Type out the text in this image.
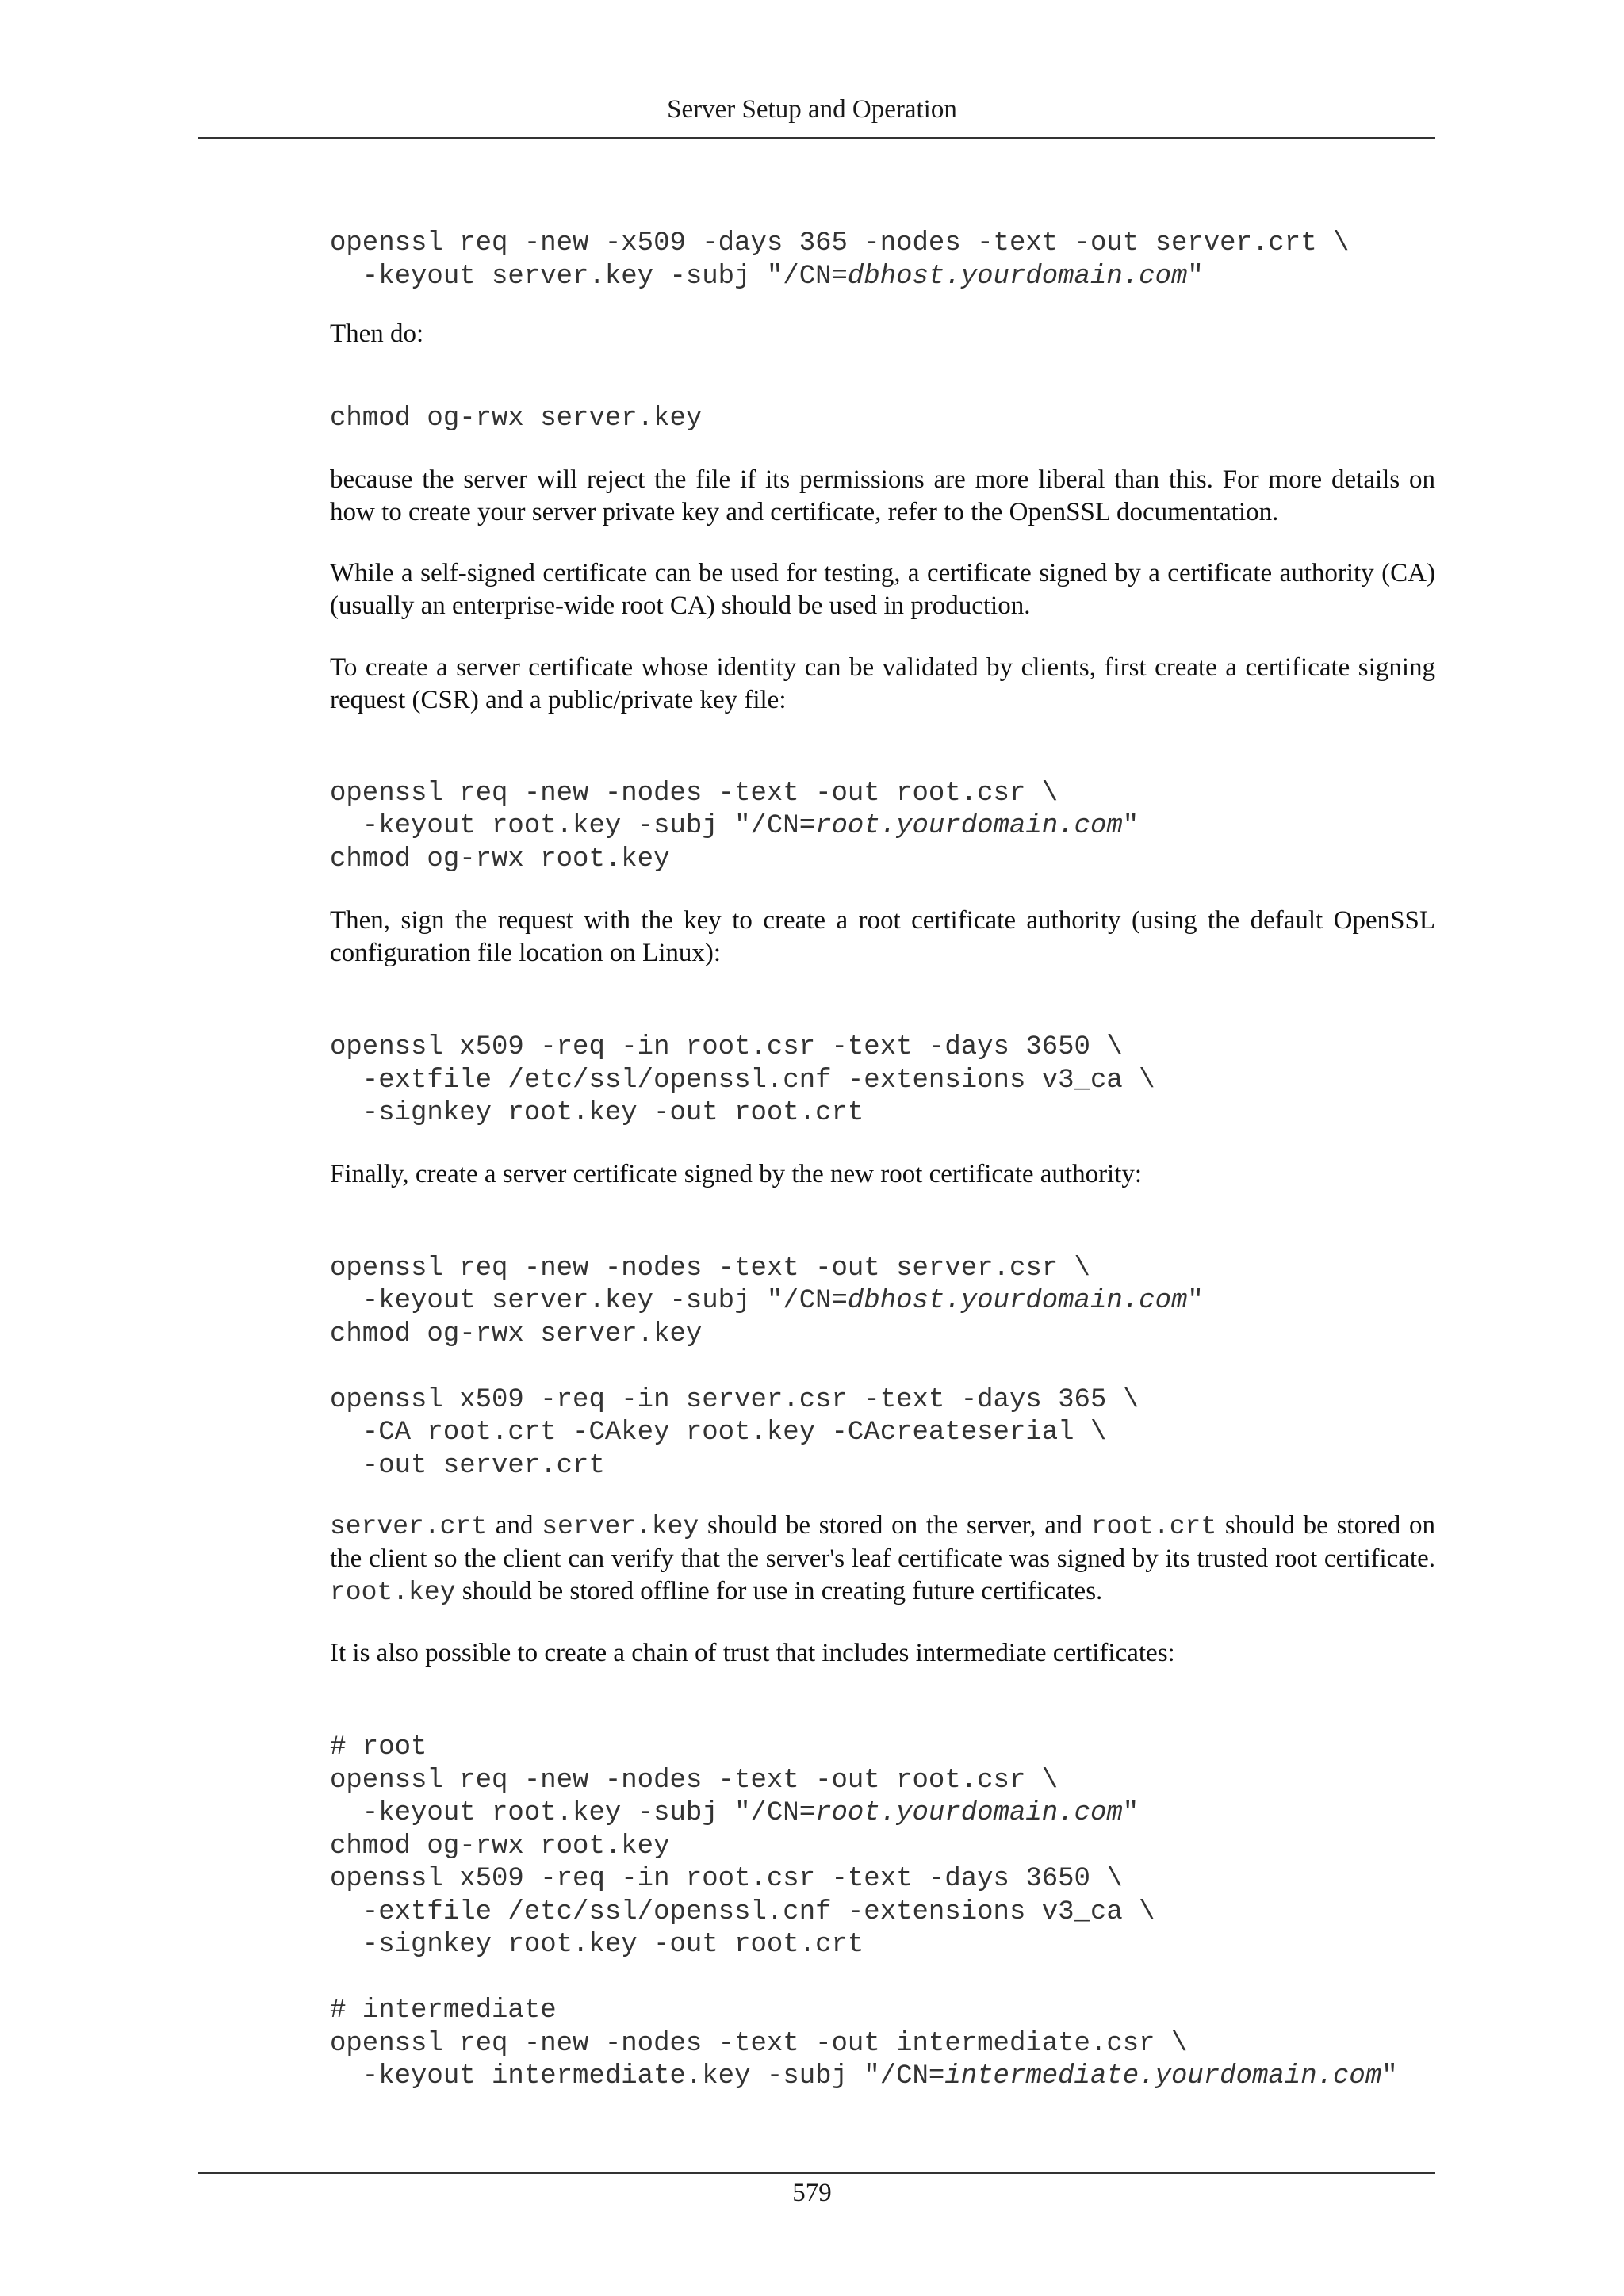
Server Setup and Operation
openssl req -new -x509 -days 365 -nodes -text -out server.crt \
-keyout server.key -subj "/CN=dbhost.yourdomain.com"

Then do:

chmod og-rwx server.key

because the server will reject the file if its permissions are more liberal than this. For more details on how to create your server private key and certificate, refer to the OpenSSL documentation.

While a self-signed certificate can be used for testing, a certificate signed by a certificate authority (CA) (usually an enterprise-wide root CA) should be used in production.

To create a server certificate whose identity can be validated by clients, first create a certificate signing request (CSR) and a public/private key file:

openssl req -new -nodes -text -out root.csr \
-keyout root.key -subj "/CN=root.yourdomain.com"
chmod og-rwx root.key

Then, sign the request with the key to create a root certificate authority (using the default OpenSSL configuration file location on Linux):

openssl x509 -req -in root.csr -text -days 3650 \
-extfile /etc/ssl/openssl.cnf -extensions v3_ca \
-signkey root.key -out root.crt

Finally, create a server certificate signed by the new root certificate authority:

openssl req -new -nodes -text -out server.csr \
-keyout server.key -subj "/CN=dbhost.yourdomain.com"
chmod og-rwx server.key

openssl x509 -req -in server.csr -text -days 365 \
-CA root.crt -CAkey root.key -CAcreateserial \
-out server.crt

server.crt and server.key should be stored on the server, and root.crt should be stored on the client so the client can verify that the server's leaf certificate was signed by its trusted root certificate. root.key should be stored offline for use in creating future certificates.

It is also possible to create a chain of trust that includes intermediate certificates:

# root
openssl req -new -nodes -text -out root.csr \
-keyout root.key -subj "/CN=root.yourdomain.com"
chmod og-rwx root.key
openssl x509 -req -in root.csr -text -days 3650 \
-extfile /etc/ssl/openssl.cnf -extensions v3_ca \
-signkey root.key -out root.crt

# intermediate
openssl req -new -nodes -text -out intermediate.csr \
-keyout intermediate.key -subj "/CN=intermediate.yourdomain.com"
579
